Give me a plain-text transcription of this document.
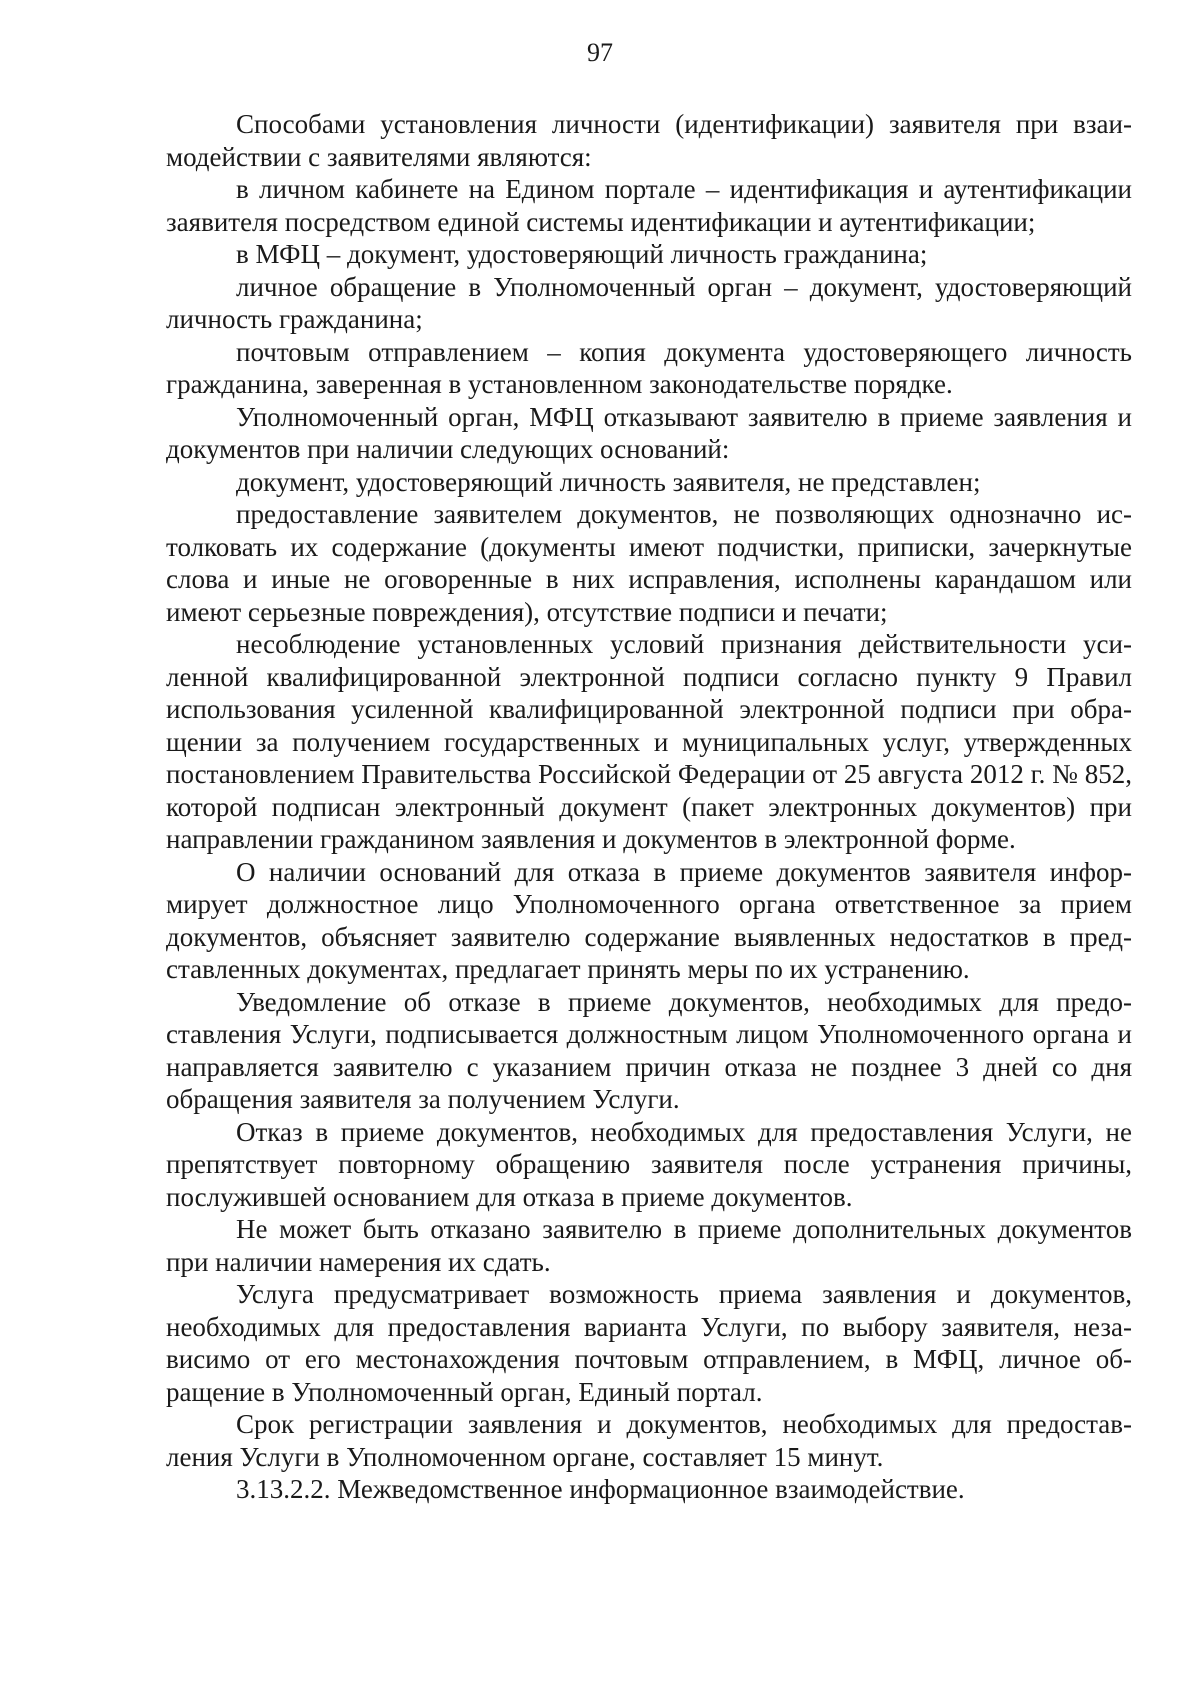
97

Способами установления личности (идентификации) заявителя при взаимодействии с заявителями являются:

в личном кабинете на Едином портале – идентификация и аутентификации заявителя посредством единой системы идентификации и аутентификации;

в МФЦ – документ, удостоверяющий личность гражданина;

личное обращение в Уполномоченный орган – документ, удостоверяющий личность гражданина;

почтовым отправлением – копия документа удостоверяющего личность гражданина, заверенная в установленном законодательстве порядке.

Уполномоченный орган, МФЦ отказывают заявителю в приеме заявления и документов при наличии следующих оснований:

документ, удостоверяющий личность заявителя, не представлен;

предоставление заявителем документов, не позволяющих однозначно истолковать их содержание (документы имеют подчистки, приписки, зачеркнутые слова и иные не оговоренные в них исправления, исполнены карандашом или имеют серьезные повреждения), отсутствие подписи и печати;

несоблюдение установленных условий признания действительности усиленной квалифицированной электронной подписи согласно пункту 9 Правил использования усиленной квалифицированной электронной подписи при обращении за получением государственных и муниципальных услуг, утвержденных постановлением Правительства Российской Федерации от 25 августа 2012 г. № 852, которой подписан электронный документ (пакет электронных документов) при направлении гражданином заявления и документов в электронной форме.

О наличии оснований для отказа в приеме документов заявителя информирует должностное лицо Уполномоченного органа ответственное за прием документов, объясняет заявителю содержание выявленных недостатков в представленных документах, предлагает принять меры по их устранению.

Уведомление об отказе в приеме документов, необходимых для предоставления Услуги, подписывается должностным лицом Уполномоченного органа и направляется заявителю с указанием причин отказа не позднее 3 дней со дня обращения заявителя за получением Услуги.

Отказ в приеме документов, необходимых для предоставления Услуги, не препятствует повторному обращению заявителя после устранения причины, послужившей основанием для отказа в приеме документов.

Не может быть отказано заявителю в приеме дополнительных документов при наличии намерения их сдать.

Услуга предусматривает возможность приема заявления и документов, необходимых для предоставления варианта Услуги, по выбору заявителя, независимо от его местонахождения почтовым отправлением, в МФЦ, личное обращение в Уполномоченный орган, Единый портал.

Срок регистрации заявления и документов, необходимых для предоставления Услуги в Уполномоченном органе, составляет 15 минут.

3.13.2.2. Межведомственное информационное взаимодействие.
